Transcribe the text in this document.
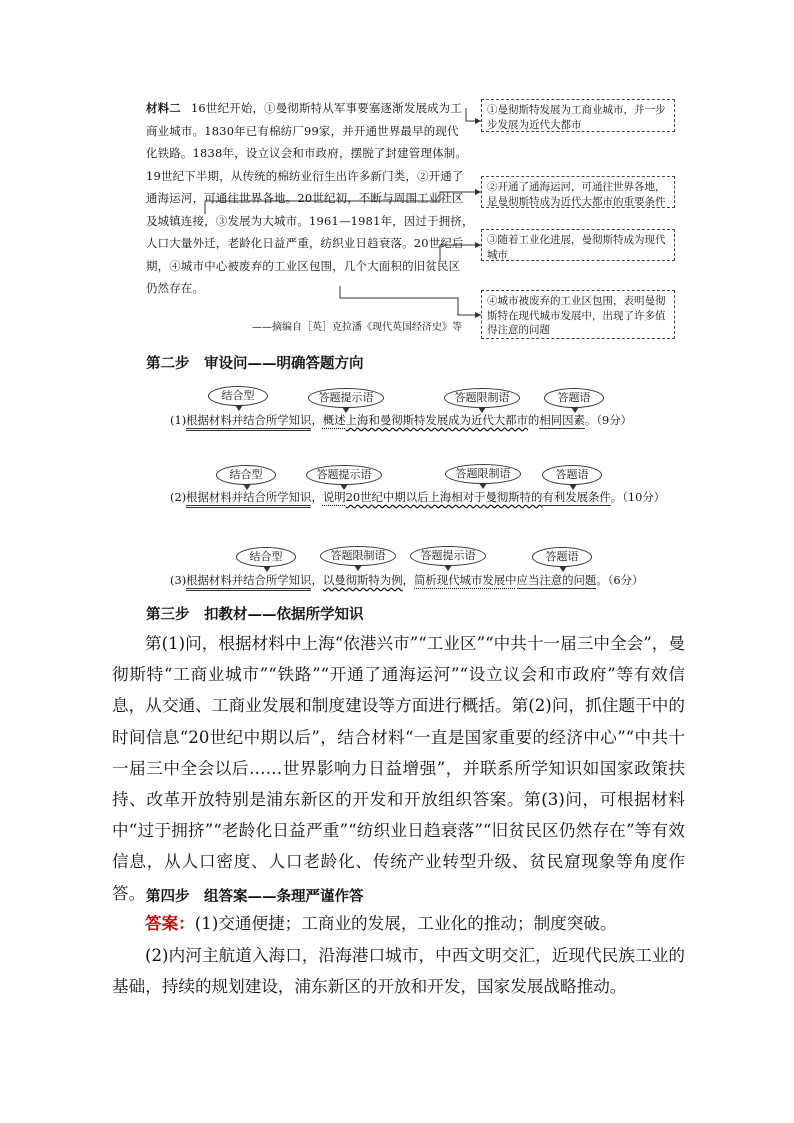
材料二 16世纪开始，①曼彻斯特从军事要塞逐渐发展成为工
商业城市。1830年已有棉纺厂99家，并开通世界最早的现代
化铁路。1838年，设立议会和市政府，摆脱了封建管理体制。
19世纪下半期，从传统的棉纺业衍生出许多新门类，②开通了
通海运河，可通往世界各地。20世纪初，不断与周围工业社区
及城镇连接，③发展为大城市。1961—1981年，因过于拥挤，
人口大量外迁，老龄化日益严重，纺织业日趋衰落。20世纪后
期，④城市中心被废弃的工业区包围，几个大面积的旧贫民区
仍然存在。
——摘编自［英］克拉潘《现代英国经济史》等
①曼彻斯特发展为工商业城市，并一步步发展为近代大都市
②开通了通海运河，可通往世界各地，是曼彻斯特成为近代大都市的重要条件
③随着工业化进展，曼彻斯特成为现代城市
④城市被废弃的工业区包围，表明曼彻斯特在现代城市发展中，出现了许多值得注意的问题
第二步　审设问——明确答题方向
结合型	答题提示语	答题限制语	答题语
(1)根据材料并结合所学知识，概述上海和曼彻斯特发展成为近代大都市的相同因素。（9分）
结合型	答题提示语	答题限制语	答题语
(2)根据材料并结合所学知识，说明20世纪中期以后上海相对于曼彻斯特的有利发展条件。（10分）
结合型	答题限制语	答题提示语	答题语
(3)根据材料并结合所学知识，以曼彻斯特为例，简析现代城市发展中应当注意的问题。（6分）
第三步　扣教材——依据所学知识
第(1)问，根据材料中上海“依港兴市”“工业区”“中共十一届三中全会”，曼彻斯特“工商业城市”“铁路”“开通了通海运河”“设立议会和市政府”等有效信息，从交通、工商业发展和制度建设等方面进行概括。第(2)问，抓住题干中的时间信息“20世纪中期以后”，结合材料“一直是国家重要的经济中心”“中共十一届三中全会以后……世界影响力日益增强”，并联系所学知识如国家政策扶持、改革开放特别是浦东新区的开发和开放组织答案。第(3)问，可根据材料中“过于拥挤”“老龄化日益严重”“纺织业日趋衰落”“旧贫民区仍然存在”等有效信息，从人口密度、人口老龄化、传统产业转型升级、贫民窟现象等角度作答。 第四步　组答案——条理严谨作答
答案：(1)交通便捷；工商业的发展，工业化的推动；制度突破。
(2)内河主航道入海口，沿海港口城市，中西文明交汇，近现代民族工业的基础，持续的规划建设，浦东新区的开放和开发，国家发展战略推动。
